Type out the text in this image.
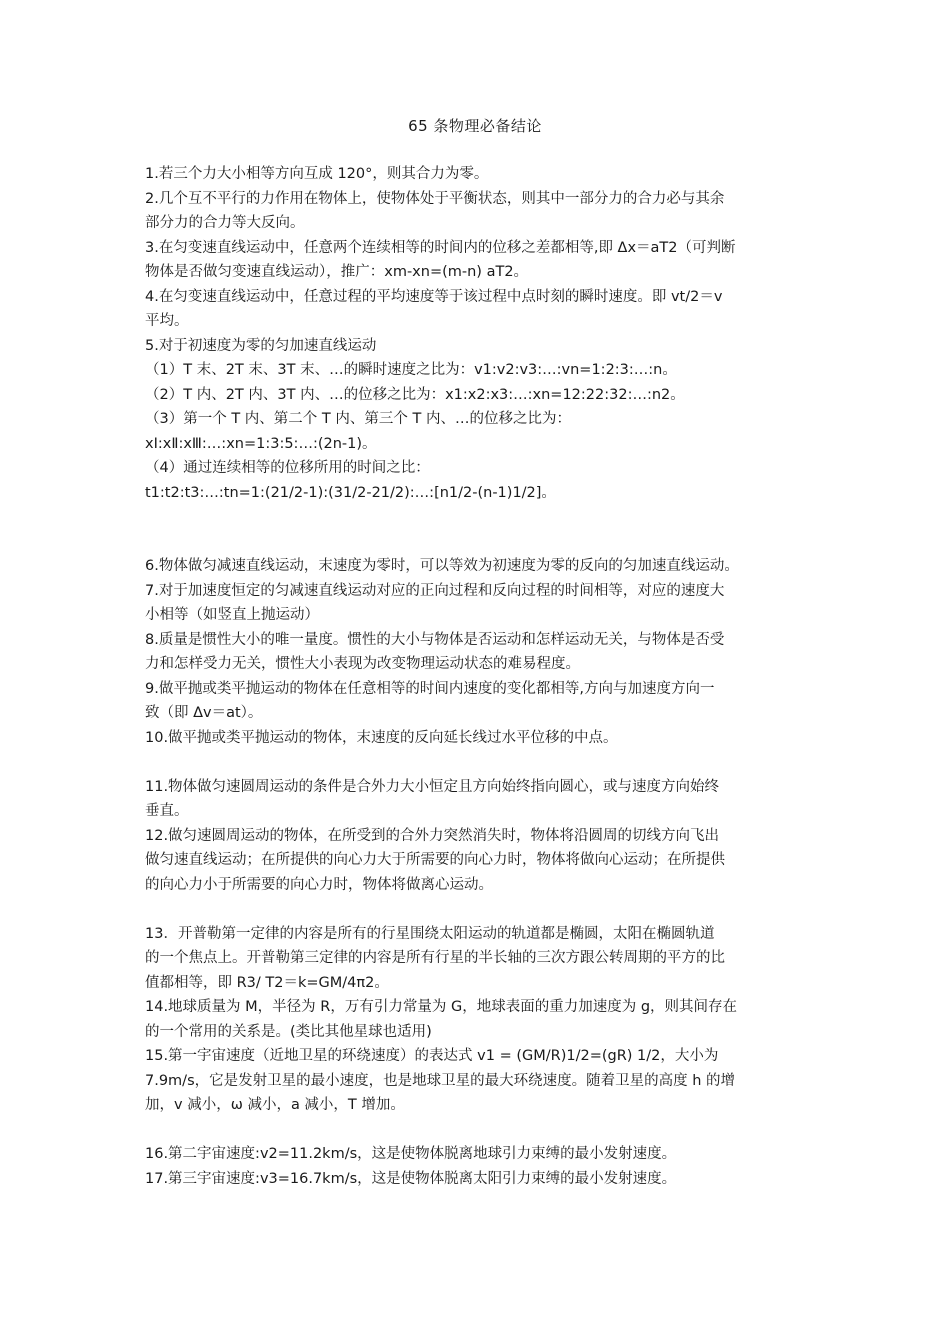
65 条物理必备结论
1.若三个力大小相等方向互成 120°，则其合力为零。
2.几个互不平行的力作用在物体上，使物体处于平衡状态，则其中一部分力的合力必与其余
部分力的合力等大反向。
3.在匀变速直线运动中，任意两个连续相等的时间内的位移之差都相等,即 Δx＝aT2（可判断
物体是否做匀变速直线运动），推广：xm-xn=(m-n) aT2。
4.在匀变速直线运动中，任意过程的平均速度等于该过程中点时刻的瞬时速度。即 vt/2＝v
平均。
5.对于初速度为零的匀加速直线运动
（1）T 末、2T 末、3T 末、…的瞬时速度之比为：v1:v2:v3:…:vn=1:2:3:…:n。
（2）T 内、2T 内、3T 内、…的位移之比为：x1:x2:x3:…:xn=12:22:32:…:n2。
（3）第一个 T 内、第二个 T 内、第三个 T 内、…的位移之比为：
xⅠ:xⅡ:xⅢ:…:xn=1:3:5:…:(2n-1)。
（4）通过连续相等的位移所用的时间之比：
t1:t2:t3:…:tn=1:(21/2-1):(31/2-21/2):…:[n1/2-(n-1)1/2]。
6.物体做匀减速直线运动，末速度为零时，可以等效为初速度为零的反向的匀加速直线运动。
7.对于加速度恒定的匀减速直线运动对应的正向过程和反向过程的时间相等，对应的速度大
小相等（如竖直上抛运动）
8.质量是惯性大小的唯一量度。惯性的大小与物体是否运动和怎样运动无关，与物体是否受
力和怎样受力无关，惯性大小表现为改变物理运动状态的难易程度。
9.做平抛或类平抛运动的物体在任意相等的时间内速度的变化都相等,方向与加速度方向一
致（即 Δv＝at）。
10.做平抛或类平抛运动的物体，末速度的反向延长线过水平位移的中点。
11.物体做匀速圆周运动的条件是合外力大小恒定且方向始终指向圆心，或与速度方向始终
垂直。
12.做匀速圆周运动的物体，在所受到的合外力突然消失时，物体将沿圆周的切线方向飞出
做匀速直线运动；在所提供的向心力大于所需要的向心力时，物体将做向心运动；在所提供
的向心力小于所需要的向心力时，物体将做离心运动。
13．开普勒第一定律的内容是所有的行星围绕太阳运动的轨道都是椭圆，太阳在椭圆轨道
的一个焦点上。开普勒第三定律的内容是所有行星的半长轴的三次方跟公转周期的平方的比
值都相等，即 R3/ T2＝k=GM/4π2。
14.地球质量为 M，半径为 R，万有引力常量为 G，地球表面的重力加速度为 g，则其间存在
的一个常用的关系是。(类比其他星球也适用)
15.第一宇宙速度（近地卫星的环绕速度）的表达式 v1 = (GM/R)1/2=(gR) 1/2，大小为
7.9m/s，它是发射卫星的最小速度，也是地球卫星的最大环绕速度。随着卫星的高度 h 的增
加，v 减小，ω 减小，a 减小，T 增加。
16.第二宇宙速度:v2=11.2km/s，这是使物体脱离地球引力束缚的最小发射速度。
17.第三宇宙速度:v3=16.7km/s，这是使物体脱离太阳引力束缚的最小发射速度。
